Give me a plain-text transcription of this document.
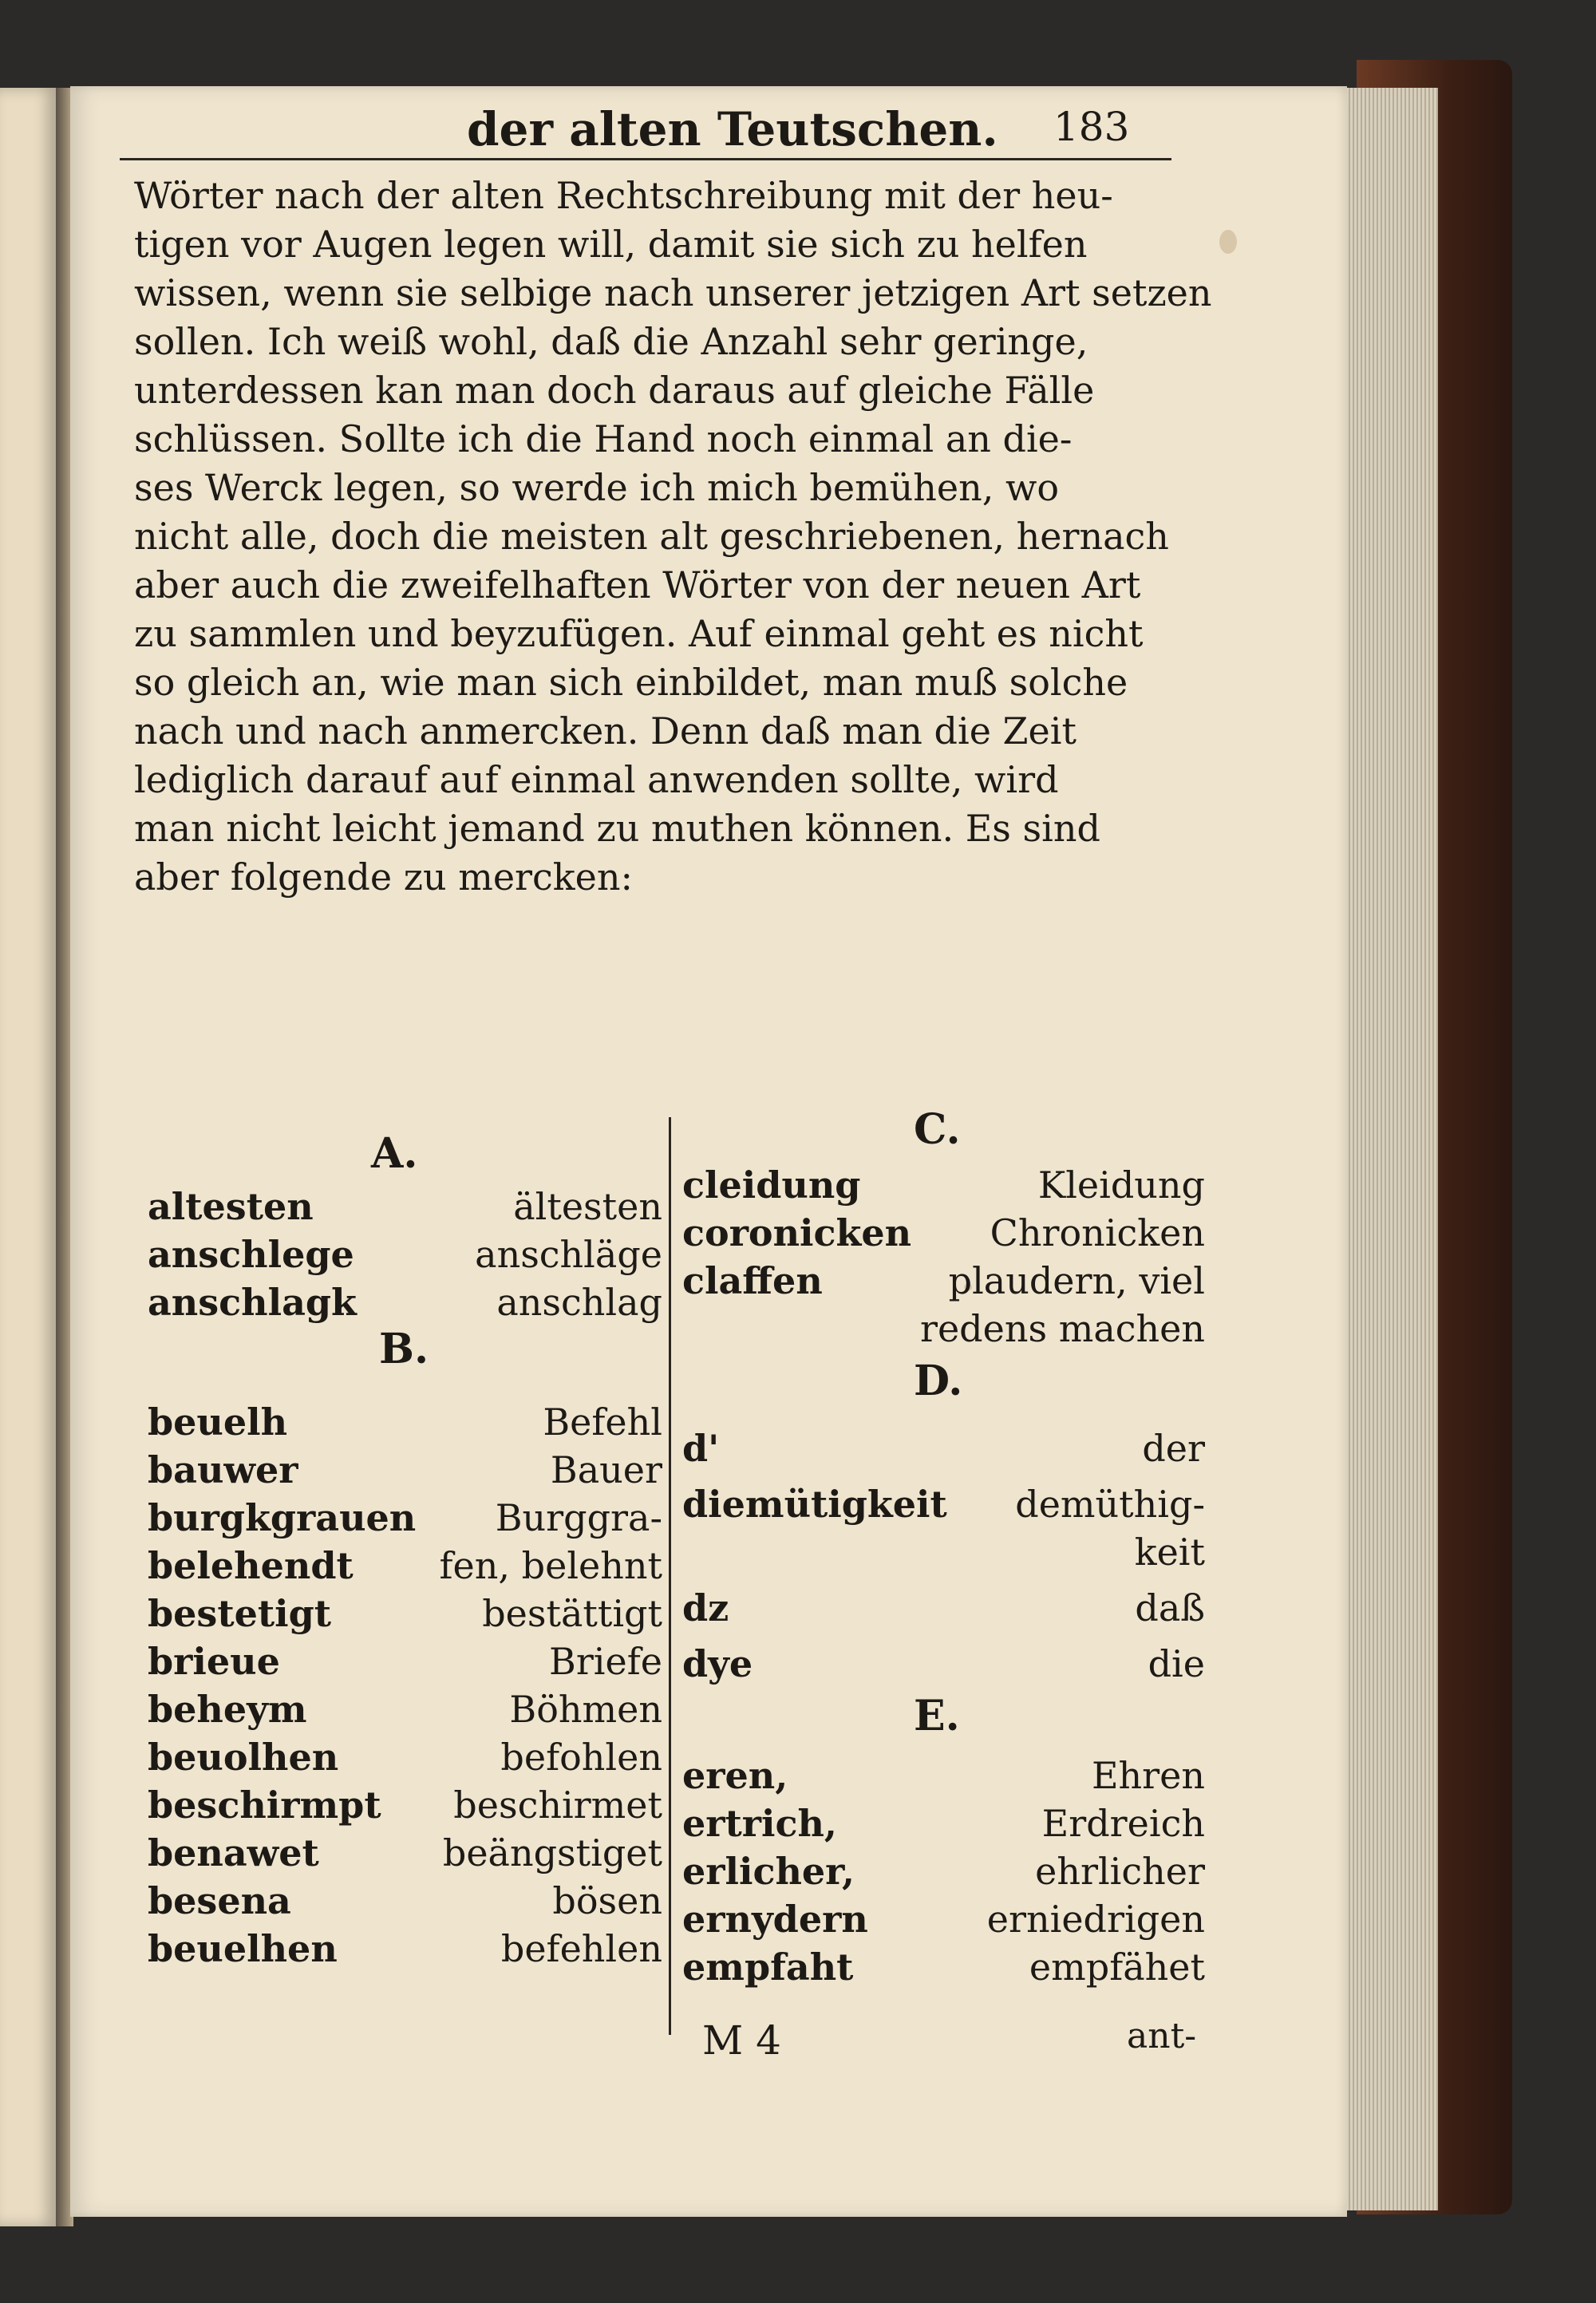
der alten Teutschen. 183
Wörter nach der alten Rechtschreibung mit der heu-
tigen vor Augen legen will, damit sie sich zu helfen
wissen, wenn sie selbige nach unserer jetzigen Art setzen
sollen. Ich weiß wohl, daß die Anzahl sehr geringe,
unterdessen kan man doch daraus auf gleiche Fälle
schlüssen. Sollte ich die Hand noch einmal an die-
ses Werck legen, so werde ich mich bemühen, wo
nicht alle, doch die meisten alt geschriebenen, hernach
aber auch die zweifelhaften Wörter von der neuen Art
zu sammlen und beyzufügen. Auf einmal geht es nicht
so gleich an, wie man sich einbildet, man muß solche
nach und nach anmercken. Denn daß man die Zeit
lediglich darauf auf einmal anwenden sollte, wird
man nicht leicht jemand zu muthen können. Es sind
aber folgende zu mercken:
A.
altesten	ältesten
anschlege	anschläge
anschlagk	anschlag
B.
beuelh	Befehl
bauwer	Bauer
burgkgrauen Burggra-
belehendt fen, belehnt
bestetigt	bestättigt
brieue	Briefe
beheym	Böhmen
beuolhen	befohlen
beschirmpt beschirmet
benawet	beängstiget
besena	bösen
beuelhen	befehlen
C.
cleidung	Kleidung
coronicken Chronicken
claffen	plaudern, viel
redens machen
D.
d'	der
diemütigkeit demüthig-
keit
dz	daß
dye	die
E.
eren,	Ehren
ertrich,	Erdreich
erlicher,	ehrlicher
ernydern	erniedrigen
empfaht	empfähet
M 4	ant-
